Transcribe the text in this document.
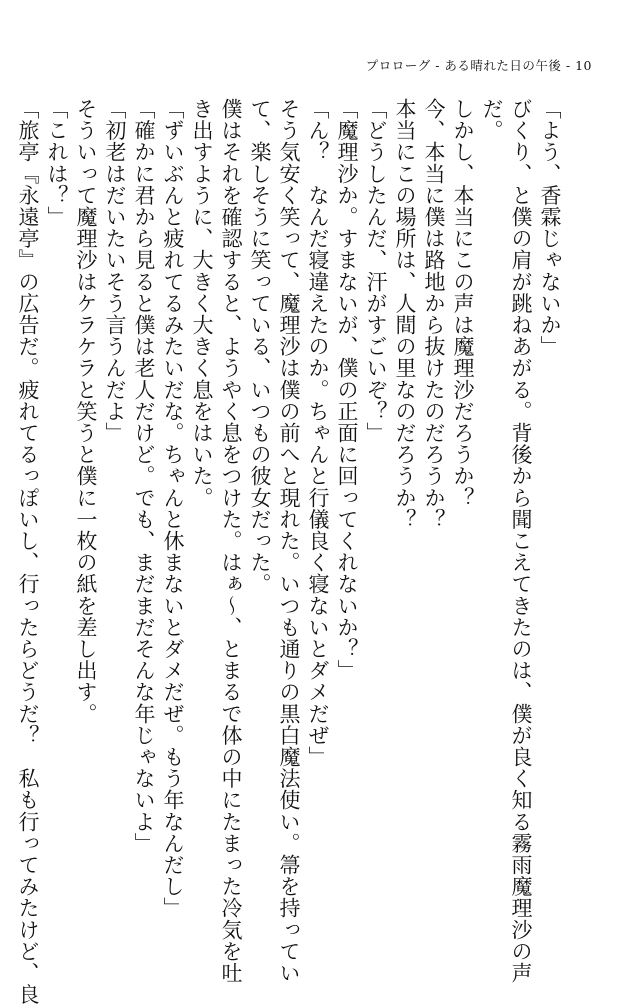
プロローグ - ある晴れた日の午後 - 10
「よう、香霖じゃないか」
びくり、と僕の肩が跳ねあがる。背後から聞こえてきたのは、僕が良く知る霧雨魔理沙の声
だ。
しかし、本当にこの声は魔理沙だろうか？
今、本当に僕は路地から抜けたのだろうか？
本当にこの場所は、人間の里なのだろうか？
「どうしたんだ、汗がすごいぞ？」
「魔理沙か。すまないが、僕の正面に回ってくれないか？」
「ん？　なんだ寝違えたのか。ちゃんと行儀良く寝ないとダメだぜ」
そう気安く笑って、魔理沙は僕の前へと現れた。いつも通りの黒白魔法使い。箒を持ってい
て、楽しそうに笑っている、いつもの彼女だった。
僕はそれを確認すると、ようやく息をつけた。はぁ～、とまるで体の中にたまった冷気を吐
き出すように、大きく大きく息をはいた。
「ずいぶんと疲れてるみたいだな。ちゃんと休まないとダメだぜ。もう年なんだし」
「確かに君から見ると僕は老人だけど。でも、まだまだそんな年じゃないよ」
「初老はだいたいそう言うんだよ」
そういって魔理沙はケラケラと笑うと僕に一枚の紙を差し出す。
「これは？」
「旅亭『永遠亭』の広告だ。疲れてるっぽいし、行ったらどうだ？　私も行ってみたけど、良
